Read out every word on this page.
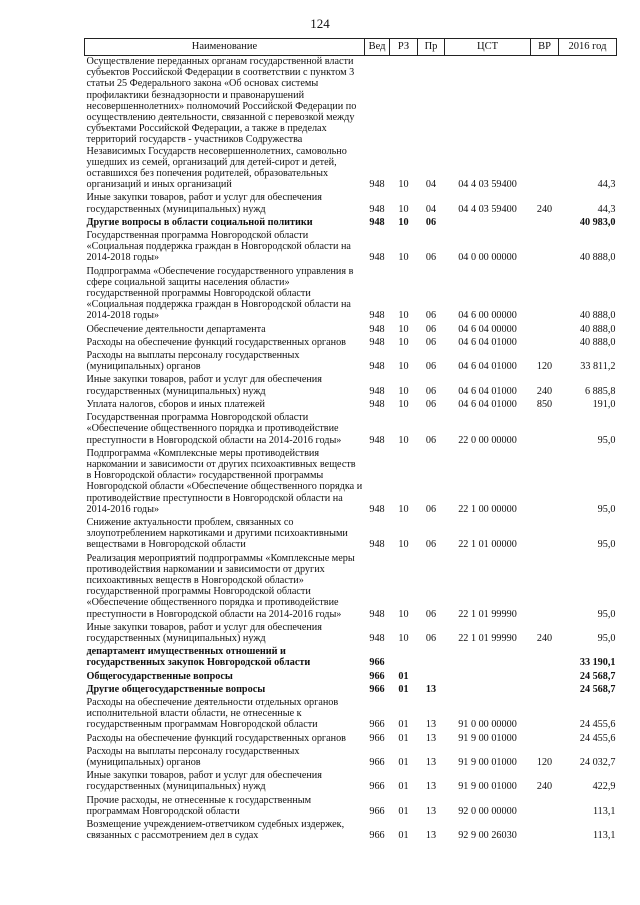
124
Наименование	Вед	РЗ	Пр	ЦСТ	ВР	2016 год
Осуществление переданных органам государственной власти субъектов Российской Федерации в соответствии с пунктом 3 статьи 25 Федерального закона «Об основах системы профилактики безнадзорности и правонарушений несовершеннолетних» полномочий Российской Федерации по осуществлению деятельности, связанной с перевозкой между субъектами Российской Федерации, а также в пределах территорий государств - участников Содружества Независимых Государств несовершеннолетних, самовольно ушедших из семей, организаций для детей-сирот и детей, оставшихся без попечения родителей, образовательных организаций и иных организаций	948	10	04	04 4 03 59400		44,3
Иные закупки товаров, работ и услуг для обеспечения государственных (муниципальных) нужд	948	10	04	04 4 03 59400	240	44,3
Другие вопросы в области социальной политики	948	10	06			40 983,0
Государственная программа Новгородской области «Социальная поддержка граждан в Новгородской области на 2014-2018 годы»	948	10	06	04 0 00 00000		40 888,0
Подпрограмма «Обеспечение государственного управления в сфере социальной защиты населения области» государственной программы Новгородской области «Социальная поддержка граждан в Новгородской области на 2014-2018 годы»	948	10	06	04 6 00 00000		40 888,0
Обеспечение деятельности департамента	948	10	06	04 6 04 00000		40 888,0
Расходы на обеспечение функций государственных органов	948	10	06	04 6 04 01000		40 888,0
Расходы на выплаты персоналу государственных (муниципальных) органов	948	10	06	04 6 04 01000	120	33 811,2
Иные закупки товаров, работ и услуг для обеспечения государственных (муниципальных) нужд	948	10	06	04 6 04 01000	240	6 885,8
Уплата налогов, сборов и иных платежей	948	10	06	04 6 04 01000	850	191,0
Государственная программа Новгородской области «Обеспечение общественного порядка и противодействие преступности в Новгородской области на 2014-2016 годы»	948	10	06	22 0 00 00000		95,0
Подпрограмма «Комплексные меры противодействия наркомании и зависимости от других психоактивных веществ в Новгородской области» государственной программы Новгородской области «Обеспечение общественного порядка и противодействие преступности в Новгородской области на 2014-2016 годы»	948	10	06	22 1 00 00000		95,0
Снижение актуальности проблем, связанных со злоупотреблением наркотиками и другими психоактивными веществами в Новгородской области	948	10	06	22 1 01 00000		95,0
Реализация мероприятий подпрограммы «Комплексные меры противодействия наркомании и зависимости от других психоактивных веществ в Новгородской области» государственной программы Новгородской области «Обеспечение общественного порядка и противодействие преступности в Новгородской области на 2014-2016 годы»	948	10	06	22 1 01 99990		95,0
Иные закупки товаров, работ и услуг для обеспечения государственных (муниципальных) нужд	948	10	06	22 1 01 99990	240	95,0
департамент имущественных отношений и государственных закупок Новгородской области	966					33 190,1
Общегосударственные вопросы	966	01				24 568,7
Другие общегосударственные вопросы	966	01	13			24 568,7
Расходы на обеспечение деятельности отдельных органов исполнительной власти области, не отнесенные к государственным программам Новгородской области	966	01	13	91 0 00 00000		24 455,6
Расходы на обеспечение функций государственных органов	966	01	13	91 9 00 01000		24 455,6
Расходы на выплаты персоналу государственных (муниципальных) органов	966	01	13	91 9 00 01000	120	24 032,7
Иные закупки товаров, работ и услуг для обеспечения государственных (муниципальных) нужд	966	01	13	91 9 00 01000	240	422,9
Прочие расходы, не отнесенные к государственным программам Новгородской области	966	01	13	92 0 00 00000		113,1
Возмещение учреждением-ответчиком судебных издержек, связанных с рассмотрением дел в судах	966	01	13	92 9 00 26030		113,1
